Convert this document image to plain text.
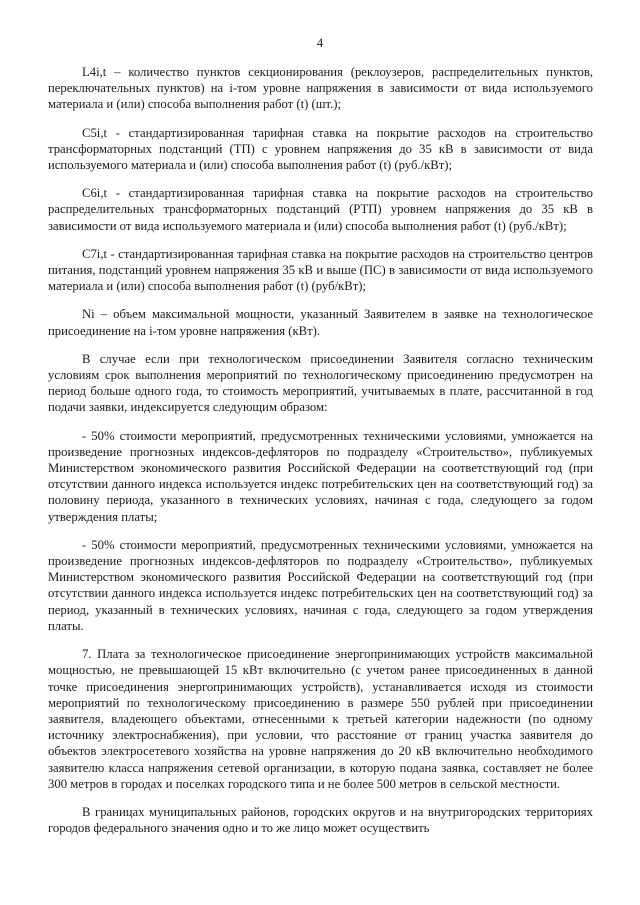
4

L4i,t – количество пунктов секционирования (реклоузеров, распределительных пунктов, переключательных пунктов) на i-том уровне напряжения в зависимости от вида используемого материала и (или) способа выполнения работ (t) (шт.);

C5i,t - стандартизированная тарифная ставка на покрытие расходов на строительство трансформаторных подстанций (ТП) с уровнем напряжения до 35 кВ в зависимости от вида используемого материала и (или) способа выполнения работ (t) (руб./кВт);

C6i,t - стандартизированная тарифная ставка на покрытие расходов на строительство распределительных трансформаторных подстанций (РТП) уровнем напряжения до 35 кВ в зависимости от вида используемого материала и (или) способа выполнения работ (t) (руб./кВт);

C7i,t - стандартизированная тарифная ставка на покрытие расходов на строительство центров питания, подстанций уровнем напряжения 35 кВ и выше (ПС) в зависимости от вида используемого материала и (или) способа выполнения работ (t) (руб/кВт);

Ni – объем максимальной мощности, указанный Заявителем в заявке на технологическое присоединение на i-том уровне напряжения (кВт).

В случае если при технологическом присоединении Заявителя согласно техническим условиям срок выполнения мероприятий по технологическому присоединению предусмотрен на период больше одного года, то стоимость мероприятий, учитываемых в плате, рассчитанной в год подачи заявки, индексируется следующим образом:

- 50% стоимости мероприятий, предусмотренных техническими условиями, умножается на произведение прогнозных индексов-дефляторов по подразделу «Строительство», публикуемых Министерством экономического развития Российской Федерации на соответствующий год (при отсутствии данного индекса используется индекс потребительских цен на соответствующий год) за половину периода, указанного в технических условиях, начиная с года, следующего за годом утверждения платы;

- 50% стоимости мероприятий, предусмотренных техническими условиями, умножается на произведение прогнозных индексов-дефляторов по подразделу «Строительство», публикуемых Министерством экономического развития Российской Федерации на соответствующий год (при отсутствии данного индекса используется индекс потребительских цен на соответствующий год) за период, указанный в технических условиях, начиная с года, следующего за годом утверждения платы.

7. Плата за технологическое присоединение энергопринимающих устройств максимальной мощностью, не превышающей 15 кВт включительно (с учетом ранее присоединенных в данной точке присоединения энергопринимающих устройств), устанавливается исходя из стоимости мероприятий по технологическому присоединению в размере 550 рублей при присоединении заявителя, владеющего объектами, отнесенными к третьей категории надежности (по одному источнику электроснабжения), при условии, что расстояние от границ участка заявителя до объектов электросетевого хозяйства на уровне напряжения до 20 кВ включительно необходимого заявителю класса напряжения сетевой организации, в которую подана заявка, составляет не более 300 метров в городах и поселках городского типа и не более 500 метров в сельской местности.

В границах муниципальных районов, городских округов и на внутригородских территориях городов федерального значения одно и то же лицо может осуществить
